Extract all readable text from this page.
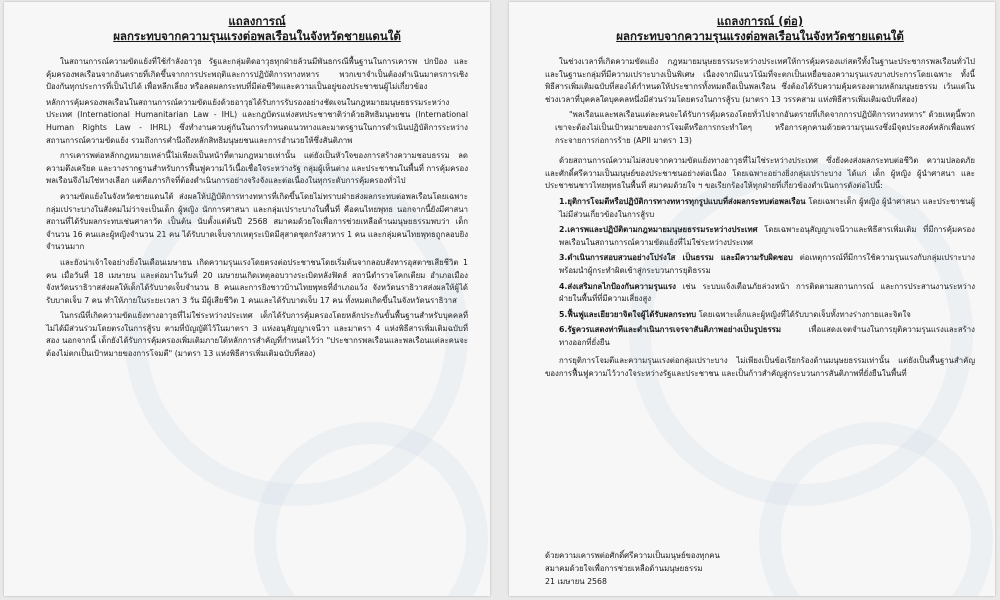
แถลงการณ์
ผลกระทบจากความรุนแรงต่อพลเรือนในจังหวัดชายแดนใต้

ในสถานการณ์ความขัดแย้งที่ใช้กำลังอาวุธ รัฐและกลุ่มติดอาวุธทุกฝ่ายล้วนมีพันธกรณีพื้นฐานในการเคารพ ปกป้อง และคุ้มครองพลเรือนจากอันตรายที่เกิดขึ้นจากการประพฤติและการปฏิบัติการทางทหาร พวกเขาจำเป็นต้องดำเนินมาตรการเชิงป้องกันทุกประการที่เป็นไปได้ เพื่อหลีกเลี่ยง หรือลดผลกระทบที่มีต่อชีวิตและความเป็นอยู่ของประชาชนผู้ไม่เกี่ยวข้อง

หลักการคุ้มครองพลเรือนในสถานการณ์ความขัดแย้งด้วยอาวุธได้รับการรับรองอย่างชัดเจนในกฎหมายมนุษยธรรมระหว่างประเทศ (International Humanitarian Law - IHL) และกฎบัตรแห่งสหประชาชาติว่าด้วยสิทธิมนุษยชน (International Human Rights Law - IHRL) ซึ่งทำงานควบคู่กันในการกำหนดแนวทางและมาตรฐานในการดำเนินปฏิบัติการระหว่างสถานการณ์ความขัดแย้ง รวมถึงการคำนึงถึงหลักสิทธิมนุษยชนและการอำนวยให้ซึ่งสันติภาพ

การเคารพต่อหลักกฎหมายเหล่านี้ไม่เพียงเป็นหน้าที่ตามกฎหมายเท่านั้น แต่ยังเป็นหัวใจของการสร้างความชอบธรรม ลดความตึงเครียด และวางรากฐานสำหรับการฟื้นฟูความไว้เนื้อเชื่อใจระหว่างรัฐ กลุ่มผู้เห็นต่าง และประชาชนในพื้นที่ การคุ้มครองพลเรือนจึงไม่ใช่ทางเลือก แต่คือภารกิจที่ต้องดำเนินการอย่างจริงจังและต่อเนื่องในทุกระดับการคุ้มครองทั่วไป

ความขัดแย้งในจังหวัดชายแดนใต้ ส่งผลให้ปฏิบัติการทางทหารที่เกิดขึ้นโดยไม่ทราบฝ่ายส่งผลกระทบต่อพลเรือนโดยเฉพาะกลุ่มเปราะบางในสังคมไม่ว่าจะเป็นเด็ก ผู้หญิง นักการศาสนา และกลุ่มเปราะบางในพื้นที่ คือคนไทยพุทธ นอกจากนี้ยังมีศาสนาสถานที่ได้รับผลกระทบเช่นศาลาวัด เป็นต้น นับตั้งแต่ต้นปี 2568 สมาคมด้วยใจเพื่อการช่วยเหลือด้านมนุษยธรรมพบว่า เด็กจำนวน 16 คนและผู้หญิงจำนวน 21 คน ได้รับบาดเจ็บจากเหตุระเบิดมีสุสาดชุดกรังสาหาร 1 คน และกลุ่มคนไทยพุทธถูกลอบยิงจำนวนมาก

และยังน่าเจ้าใจอย่างยิ่งในเดือนเมษายน เกิดความรุนแรงโดยตรงต่อประชาชนโดยเริ่มต้นจากลอบสังหารอุสตาซเสียชีวิต 1 คน เมื่อวันที่ 18 เมษายน และต่อมาในวันที่ 20 เมษายนเกิดเหตุลอบวางระเบิดหลังฟิดส์ สถานีตำรวจโคกเตียม อำเภอเมือง จังหวัดนราธิวาสส่งผลให้เด็กได้รับบาดเจ็บจำนวน 8 คนและการยิงชาวบ้านไทยพุทธที่อำเภอแว้ง จังหวัดนราธิวาสส่งผลให้ผู้ได้รับบาดเจ็บ 7 คน ทำให้ภายในระยะเวลา 3 วัน มีผู้เสียชีวิต 1 คนและได้รับบาดเจ็บ 17 คน ทั้งหมดเกิดขึ้นในจังหวัดนราธิวาส

ในกรณีที่เกิดความขัดแย้งทางอาวุธที่ไม่ใช่ระหว่างประเทศ เด็กได้รับการคุ้มครองโดยหลักประกันขั้นพื้นฐานสำหรับบุคคลที่ไม่ได้มีส่วนร่วมโดยตรงในการสู้รบ ตามที่บัญญัติไว้ในมาตรา 3 แห่งอนุสัญญาเจนีวา และมาตรา 4 แห่งพิธีสารเพิ่มเติมฉบับที่สอง นอกจากนี้ เด็กยังได้รับการคุ้มครองเพิ่มเติมภายใต้หลักการสำคัญที่กำหนดไว้ว่า "ประชากรพลเรือนและพลเรือนแต่ละคนจะต้องไม่ตกเป็นเป้าหมายของการโจมตี" (มาตรา 13 แห่งพิธีสารเพิ่มเติมฉบับที่สอง)

แถลงการณ์ (ต่อ)
ผลกระทบจากความรุนแรงต่อพลเรือนในจังหวัดชายแดนใต้

ในช่วงเวลาที่เกิดความขัดแย้ง กฎหมายมนุษยธรรมระหว่างประเทศให้การคุ้มครองแก่สตรีทั้งในฐานะประชากรพลเรือนทั่วไป และในฐานะกลุ่มที่มีความเปราะบางเป็นพิเศษ เนื่องจากมีแนวโน้มที่จะตกเป็นเหยื่อของความรุนแรงบางประการโดยเฉพาะ ทั้งนี้ พิธีสารเพิ่มเติมฉบับที่สองได้กำหนดให้ประชากรทั้งหมดถือเป็นพลเรือน ซึ่งต้องได้รับความคุ้มครองตามหลักมนุษยธรรม เว้นแต่ในช่วงเวลาที่บุคคลใดบุคคลหนึ่งมีส่วนร่วมโดยตรงในการสู้รบ (มาตรา 13 วรรคสาม แห่งพิธีสารเพิ่มเติมฉบับที่สอง)

"พลเรือนและพลเรือนแต่ละคนจะได้รับการคุ้มครองโดยทั่วไปจากอันตรายที่เกิดจากการปฏิบัติการทางทหาร" ด้วยเหตุนี้พวกเขาจะต้องไม่เป็นเป้าหมายของการโจมตีหรือการกระทำใดๆ หรือการคุกคามด้วยความรุนแรงซึ่งมีจุดประสงค์หลักเพื่อแพร่กระจายการก่อการร้าย (APII มาตรา 13)

ด้วยสถานการณ์ความไม่สงบจากความขัดแย้งทางอาวุธที่ไม่ใช่ระหว่างประเทศ ซึ่งยังคงส่งผลกระทบต่อชีวิต ความปลอดภัย และศักดิ์ศรีความเป็นมนุษย์ของประชาชนอย่างต่อเนื่อง โดยเฉพาะอย่างยิ่งกลุ่มเปราะบาง ได้แก่ เด็ก ผู้หญิง ผู้นำศาสนา และประชาชนชาวไทยพุทธในพื้นที่ สมาคมด้วยใจ ฯ ขอเรียกร้องให้ทุกฝ่ายที่เกี่ยวข้องดำเนินการดังต่อไปนี้:

1.ยุติการโจมตีหรือปฏิบัติการทางทหารทุกรูปแบบที่ส่งผลกระทบต่อพลเรือน โดยเฉพาะเด็ก ผู้หญิง ผู้นำศาสนา และประชาชนผู้ไม่มีส่วนเกี่ยวข้องในการสู้รบ

2.เคารพและปฏิบัติตามกฎหมายมนุษยธรรมระหว่างประเทศ โดยเฉพาะอนุสัญญาเจนีวาและพิธีสารเพิ่มเติม ที่มีการคุ้มครองพลเรือนในสถานการณ์ความขัดแย้งที่ไม่ใช่ระหว่างประเทศ

3.ดำเนินการสอบสวนอย่างโปร่งใส เป็นธรรม และมีความรับผิดชอบ ต่อเหตุการณ์ที่มีการใช้ความรุนแรงกับกลุ่มเปราะบาง พร้อมนำผู้กระทำผิดเข้าสู่กระบวนการยุติธรรม

4.ส่งเสริมกลไกป้องกันความรุนแรง เช่น ระบบแจ้งเตือนภัยล่วงหน้า การติดตามสถานการณ์ และการประสานงานระหว่างฝ่ายในพื้นที่ที่มีความเสี่ยงสูง

5.ฟื้นฟูและเยียวยาจิตใจผู้ได้รับผลกระทบ โดยเฉพาะเด็กและผู้หญิงที่ได้รับบาดเจ็บทั้งทางร่างกายและจิตใจ

6.รัฐควรแสดงท่าทีและดำเนินการเจรจาสันติภาพอย่างเป็นรูปธรรม เพื่อแสดงเจตจำนงในการยุติความรุนแรงและสร้างทางออกที่ยั่งยืน

การยุติการโจมตีและความรุนแรงต่อกลุ่มเปราะบาง ไม่เพียงเป็นข้อเรียกร้องด้านมนุษยธรรมเท่านั้น แต่ยังเป็นพื้นฐานสำคัญของการฟื้นฟูความไว้วางใจระหว่างรัฐและประชาชน และเป็นก้าวสำคัญสู่กระบวนการสันติภาพที่ยั่งยืนในพื้นที่

ด้วยความเคารพต่อศักดิ์ศรีความเป็นมนุษย์ของทุกคน

สมาคมด้วยใจเพื่อการช่วยเหลือด้านมนุษยธรรม

21 เมษายน 2568
